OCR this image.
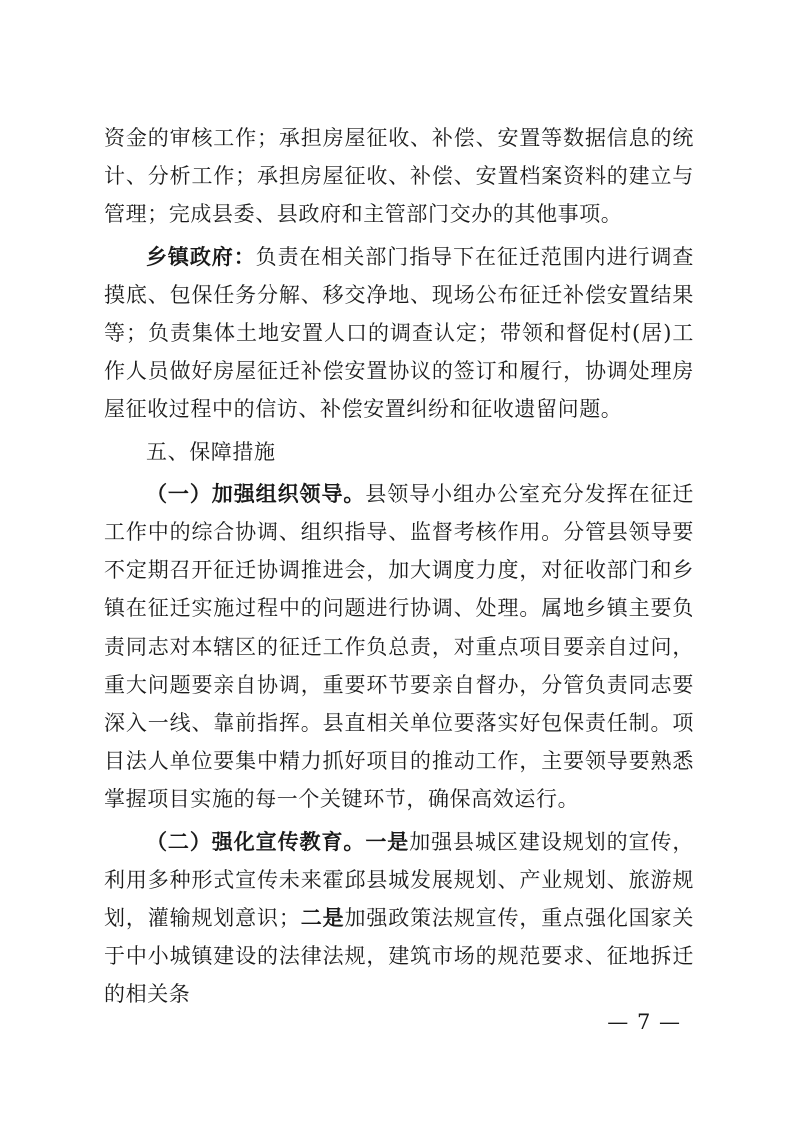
资金的审核工作；承担房屋征收、补偿、安置等数据信息的统计、分析工作；承担房屋征收、补偿、安置档案资料的建立与管理；完成县委、县政府和主管部门交办的其他事项。

乡镇政府：负责在相关部门指导下在征迁范围内进行调查摸底、包保任务分解、移交净地、现场公布征迁补偿安置结果等；负责集体土地安置人口的调查认定；带领和督促村(居)工作人员做好房屋征迁补偿安置协议的签订和履行，协调处理房屋征收过程中的信访、补偿安置纠纷和征收遗留问题。

五、保障措施

（一）加强组织领导。县领导小组办公室充分发挥在征迁工作中的综合协调、组织指导、监督考核作用。分管县领导要不定期召开征迁协调推进会，加大调度力度，对征收部门和乡镇在征迁实施过程中的问题进行协调、处理。属地乡镇主要负责同志对本辖区的征迁工作负总责，对重点项目要亲自过问，重大问题要亲自协调，重要环节要亲自督办，分管负责同志要深入一线、靠前指挥。县直相关单位要落实好包保责任制。项目法人单位要集中精力抓好项目的推动工作，主要领导要熟悉掌握项目实施的每一个关键环节，确保高效运行。

（二）强化宣传教育。一是加强县城区建设规划的宣传，利用多种形式宣传未来霍邱县城发展规划、产业规划、旅游规划，灌输规划意识；二是加强政策法规宣传，重点强化国家关于中小城镇建设的法律法规，建筑市场的规范要求、征地拆迁的相关条

— 7 —
